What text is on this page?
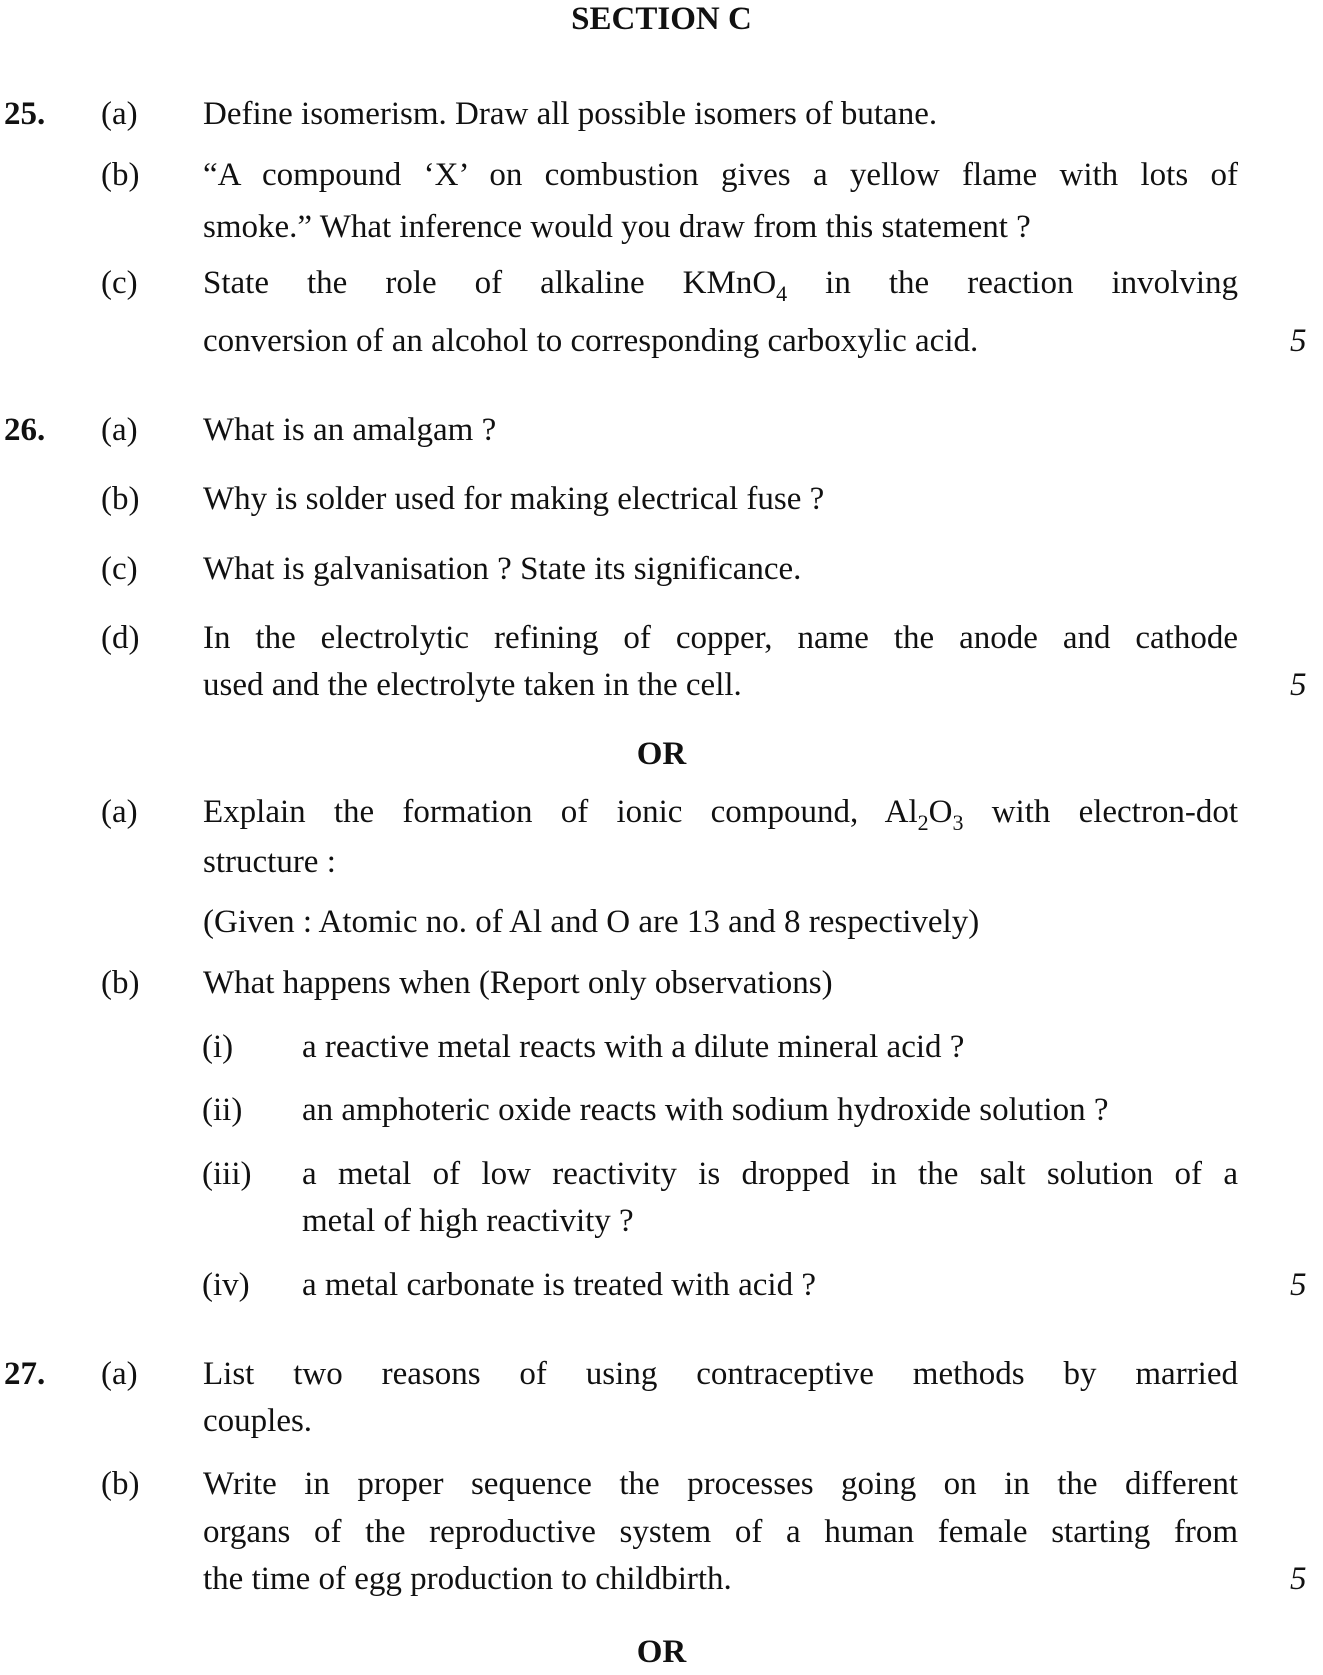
SECTION C
25. (a) Define isomerism. Draw all possible isomers of butane.
(b) “A compound ‘X’ on combustion gives a yellow flame with lots of
smoke.” What inference would you draw from this statement ?
(c) State the role of alkaline KMnO$_4$ in the reaction involving
conversion of an alcohol to corresponding carboxylic acid.	5
26. (a) What is an amalgam ?
(b) Why is solder used for making electrical fuse ?
(c) What is galvanisation ? State its significance.
(d) In the electrolytic refining of copper, name the anode and cathode
used and the electrolyte taken in the cell.	5
OR
(a) Explain the formation of ionic compound, $Al_2O_3$ with electron-dot
structure :
(Given : Atomic no. of Al and O are 13 and 8 respectively)
(b) What happens when (Report only observations)
(i) a reactive metal reacts with a dilute mineral acid ?
(ii) an amphoteric oxide reacts with sodium hydroxide solution ?
(iii) a metal of low reactivity is dropped in the salt solution of a
metal of high reactivity ?
(iv) a metal carbonate is treated with acid ?	5
27. (a) List two reasons of using contraceptive methods by married
couples.
(b) Write in proper sequence the processes going on in the different
organs of the reproductive system of a human female starting from
the time of egg production to childbirth.	5
OR
